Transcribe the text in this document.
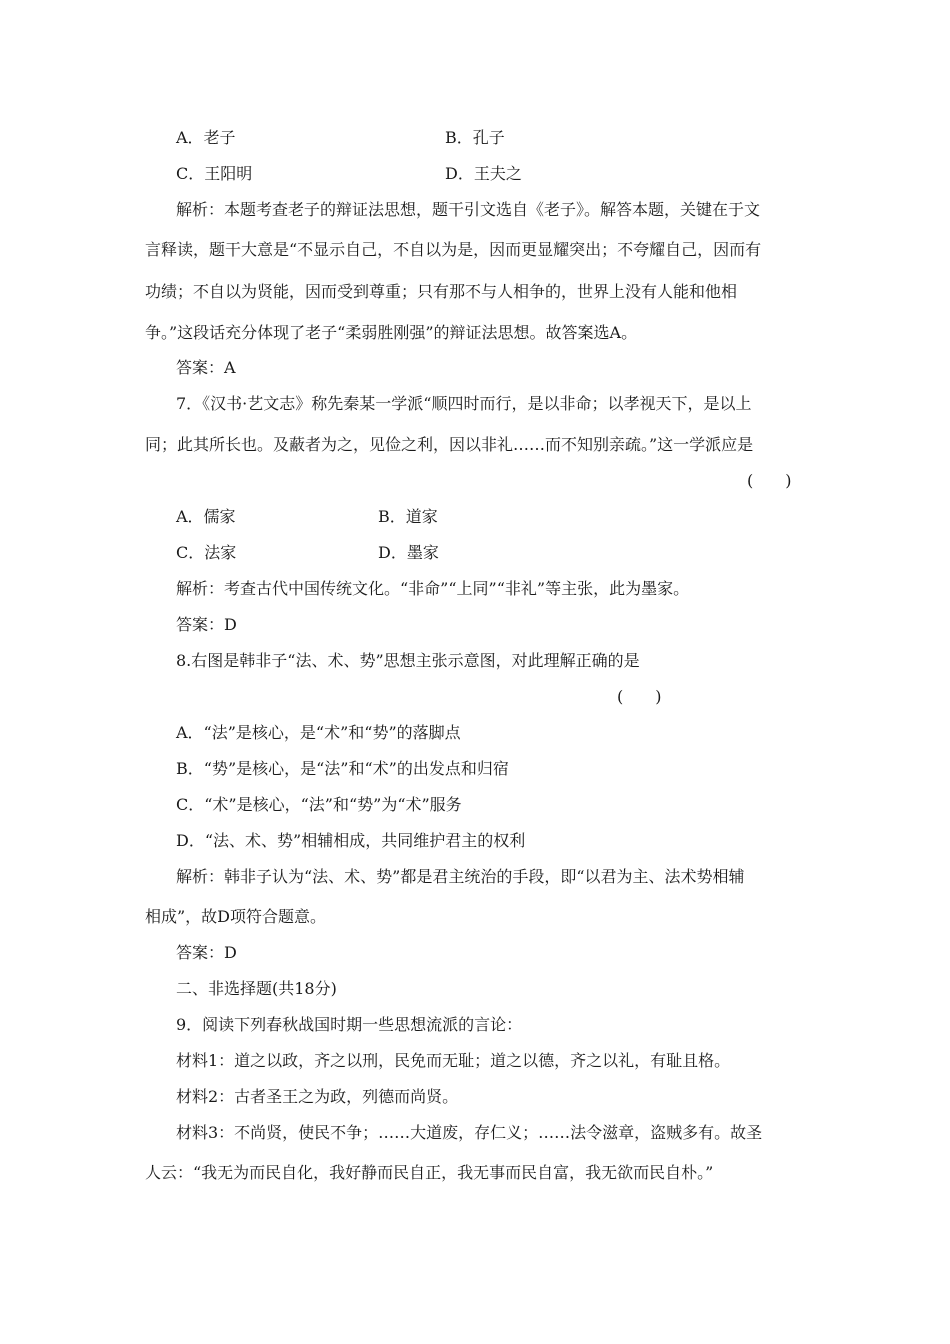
A．老子	B．孔子
C．王阳明	D．王夫之
解析：本题考查老子的辩证法思想，题干引文选自《老子》。解答本题，关键在于文
言释读，题干大意是“不显示自己，不自以为是，因而更显耀突出；不夸耀自己，因而有
功绩；不自以为贤能，因而受到尊重；只有那不与人相争的，世界上没有人能和他相
争。”这段话充分体现了老子“柔弱胜刚强”的辩证法思想。故答案选A。
答案：A
7．《汉书·艺文志》称先秦某一学派“顺四时而行，是以非命；以孝视天下，是以上
同；此其所长也。及蔽者为之，见俭之利，因以非礼……而不知别亲疏。”这一学派应是
(　　)
A．儒家	B．道家
C．法家	D．墨家
解析：考查古代中国传统文化。“非命”“上同”“非礼”等主张，此为墨家。
答案：D
8.右图是韩非子“法、术、势”思想主张示意图，对此理解正确的是
(　　)
A．“法”是核心，是“术”和“势”的落脚点
B．“势”是核心，是“法”和“术”的出发点和归宿
C．“术”是核心，“法”和“势”为“术”服务
D．“法、术、势”相辅相成，共同维护君主的权利
解析：韩非子认为“法、术、势”都是君主统治的手段，即“以君为主、法术势相辅
相成”，故D项符合题意。
答案：D
二、非选择题(共18分)
9．阅读下列春秋战国时期一些思想流派的言论：
材料1：道之以政，齐之以刑，民免而无耻；道之以德，齐之以礼，有耻且格。
材料2：古者圣王之为政，列德而尚贤。
材料3：不尚贤，使民不争；……大道废，存仁义；……法令滋章，盗贼多有。故圣
人云：“我无为而民自化，我好静而民自正，我无事而民自富，我无欲而民自朴。”
